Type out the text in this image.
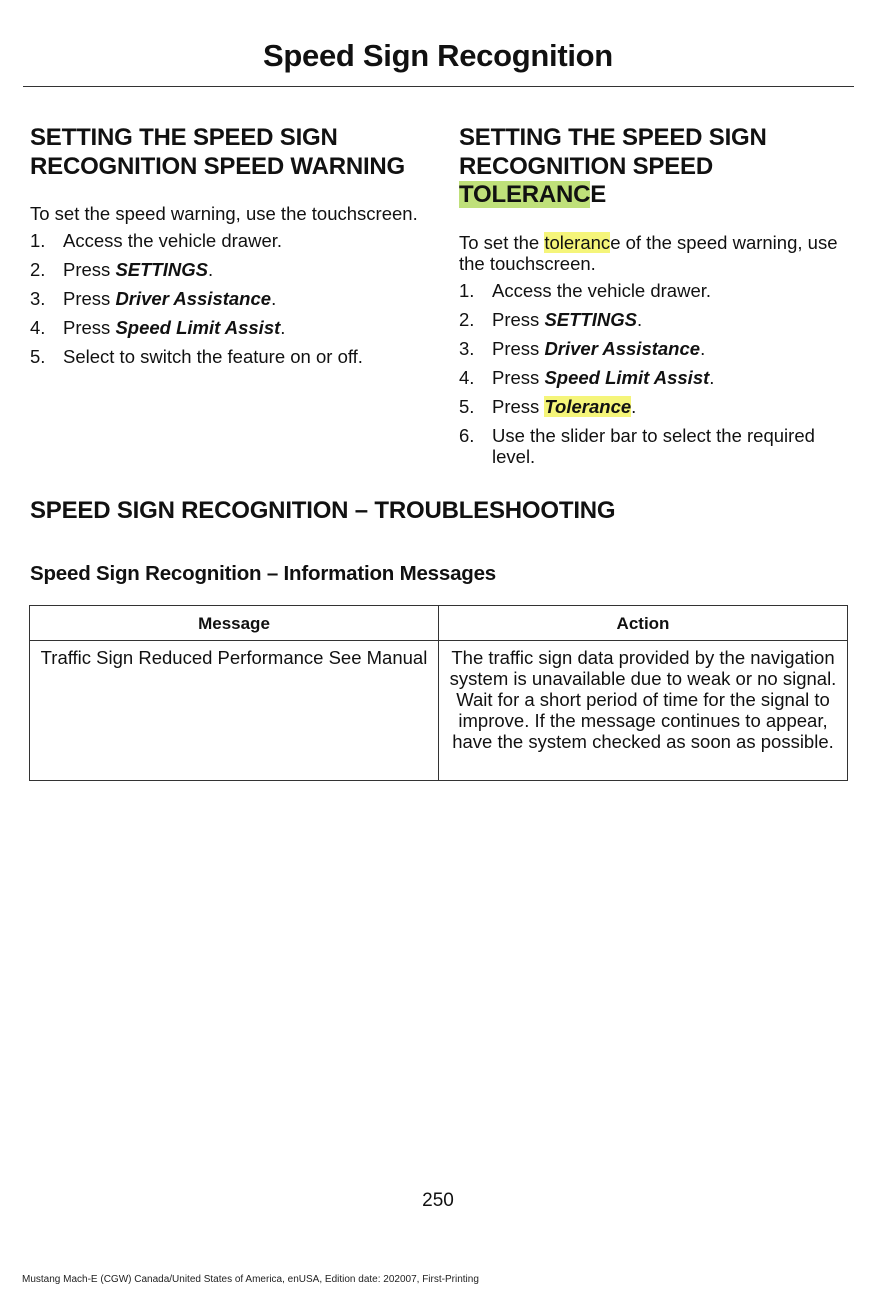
Speed Sign Recognition
SETTING THE SPEED SIGN RECOGNITION SPEED WARNING

To set the speed warning, use the touchscreen.

1. Access the vehicle drawer.
2. Press SETTINGS.
3. Press Driver Assistance.
4. Press Speed Limit Assist.
5. Select to switch the feature on or off.
SETTING THE SPEED SIGN RECOGNITION SPEED TOLERANCE

To set the tolerance of the speed warning, use the touchscreen.

1. Access the vehicle drawer.
2. Press SETTINGS.
3. Press Driver Assistance.
4. Press Speed Limit Assist.
5. Press Tolerance.
6. Use the slider bar to select the required level.
SPEED SIGN RECOGNITION – TROUBLESHOOTING
Speed Sign Recognition – Information Messages
Message	Action
Traffic Sign Reduced Performance See Manual	The traffic sign data provided by the navigation system is unavailable due to weak or no signal. Wait for a short period of time for the signal to improve. If the message continues to appear, have the system checked as soon as possible.
250
Mustang Mach-E (CGW) Canada/United States of America, enUSA, Edition date: 202007, First-Printing
